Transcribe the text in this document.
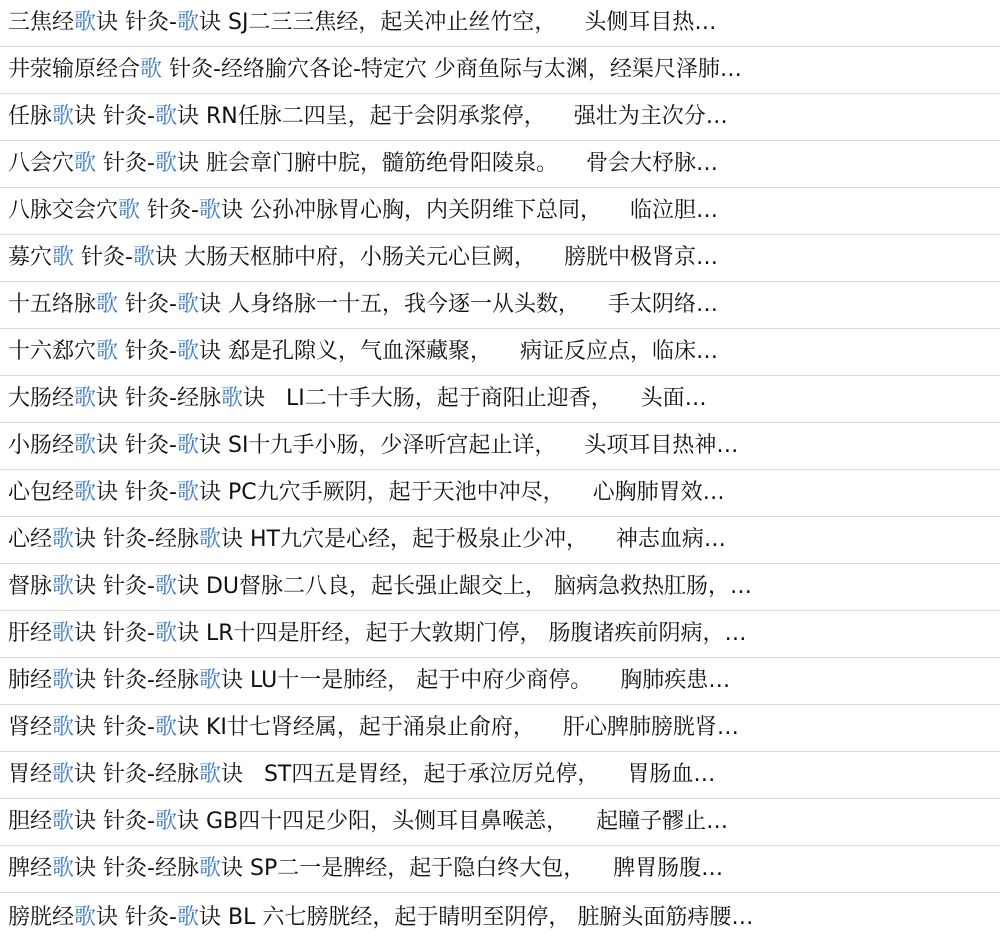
三焦经歌诀 针灸-歌诀 SJ二三三焦经，起关冲止丝竹空，    头侧耳目热…
井荥输原经合歌 针灸-经络腧穴各论-特定穴 少商鱼际与太渊，经渠尺泽肺…
任脉歌诀 针灸-歌诀 RN任脉二四呈，起于会阴承浆停，    强壮为主次分…
八会穴歌 针灸-歌诀 脏会章门腑中脘，髓筋绝骨阳陵泉。    骨会大杼脉…
八脉交会穴歌 针灸-歌诀 公孙冲脉胃心胸，内关阴维下总同，    临泣胆…
募穴歌 针灸-歌诀 大肠天枢肺中府，小肠关元心巨阙，    膀胱中极肾京…
十五络脉歌 针灸-歌诀 人身络脉一十五，我今逐一从头数，    手太阴络…
十六郄穴歌 针灸-歌诀 郄是孔隙义，气血深藏聚，    病证反应点，临床…
大肠经歌诀 针灸-经脉歌诀   LI二十手大肠，起于商阳止迎香，    头面…
小肠经歌诀 针灸-歌诀 SI十九手小肠，少泽听宫起止详，    头项耳目热神…
心包经歌诀 针灸-歌诀 PC九穴手厥阴，起于天池中冲尽，    心胸肺胃效…
心经歌诀 针灸-经脉歌诀 HT九穴是心经，起于极泉止少冲，    神志血病…
督脉歌诀 针灸-歌诀 DU督脉二八良，起长强止龈交上， 脑病急救热肛肠，…
肝经歌诀 针灸-歌诀 LR十四是肝经，起于大敦期门停， 肠腹诸疾前阴病，…
肺经歌诀 针灸-经脉歌诀 LU十一是肺经， 起于中府少商停。    胸肺疾患…
肾经歌诀 针灸-歌诀 KI廿七肾经属，起于涌泉止俞府，    肝心脾肺膀胱肾…
胃经歌诀 针灸-经脉歌诀   ST四五是胃经，起于承泣厉兑停，    胃肠血…
胆经歌诀 针灸-歌诀 GB四十四足少阳，头侧耳目鼻喉恙，    起瞳子髎止…
脾经歌诀 针灸-经脉歌诀 SP二一是脾经，起于隐白终大包，    脾胃肠腹…
膀胱经歌诀 针灸-歌诀 BL 六七膀胱经，起于睛明至阴停， 脏腑头面筋痔腰…
